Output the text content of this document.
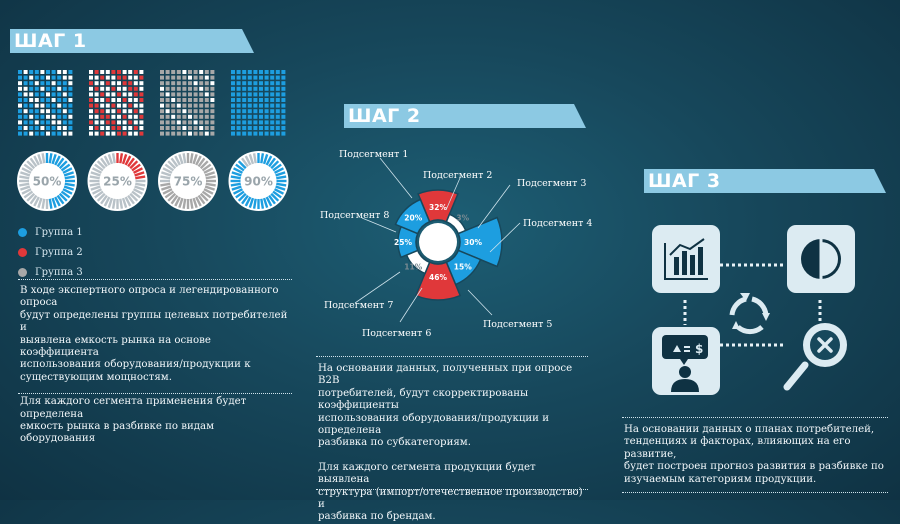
ШАГ 1
50%	25%	75%	90%
Группа 1
Группа 2
Группа 3

В ходе экспертного опроса и легендированного опроса
будут определены группы целевых потребителей и
выявлена емкость рынка на основе коэффициента
использования оборудования/продукции к
существующим мощностям.

Для каждого сегмента применения будет определена
емкость рынка в разбивке по видам оборудования

ШАГ 2
32%
3%
30%
15%
46%
11%
25%
20%
Подсегмент 1
Подсегмент 2
Подсегмент 3
Подсегмент 4
Подсегмент 5
Подсегмент 6
Подсегмент 7
Подсегмент 8

На основании данных, полученных при опросе B2B
потребителей, будут скорректированы коэффициенты
использования оборудования/продукции и определена
разбивка по субкатегориям.

Для каждого сегмента продукции будет выявлена
структура (импорт/отечественное производство) и
разбивка по брендам.

ШАГ 3
$

На основании данных о планах потребителей,
тенденциях и факторах, влияющих на его развитие,
будет построен прогноз развития в разбивке по
изучаемым категориям продукции.
